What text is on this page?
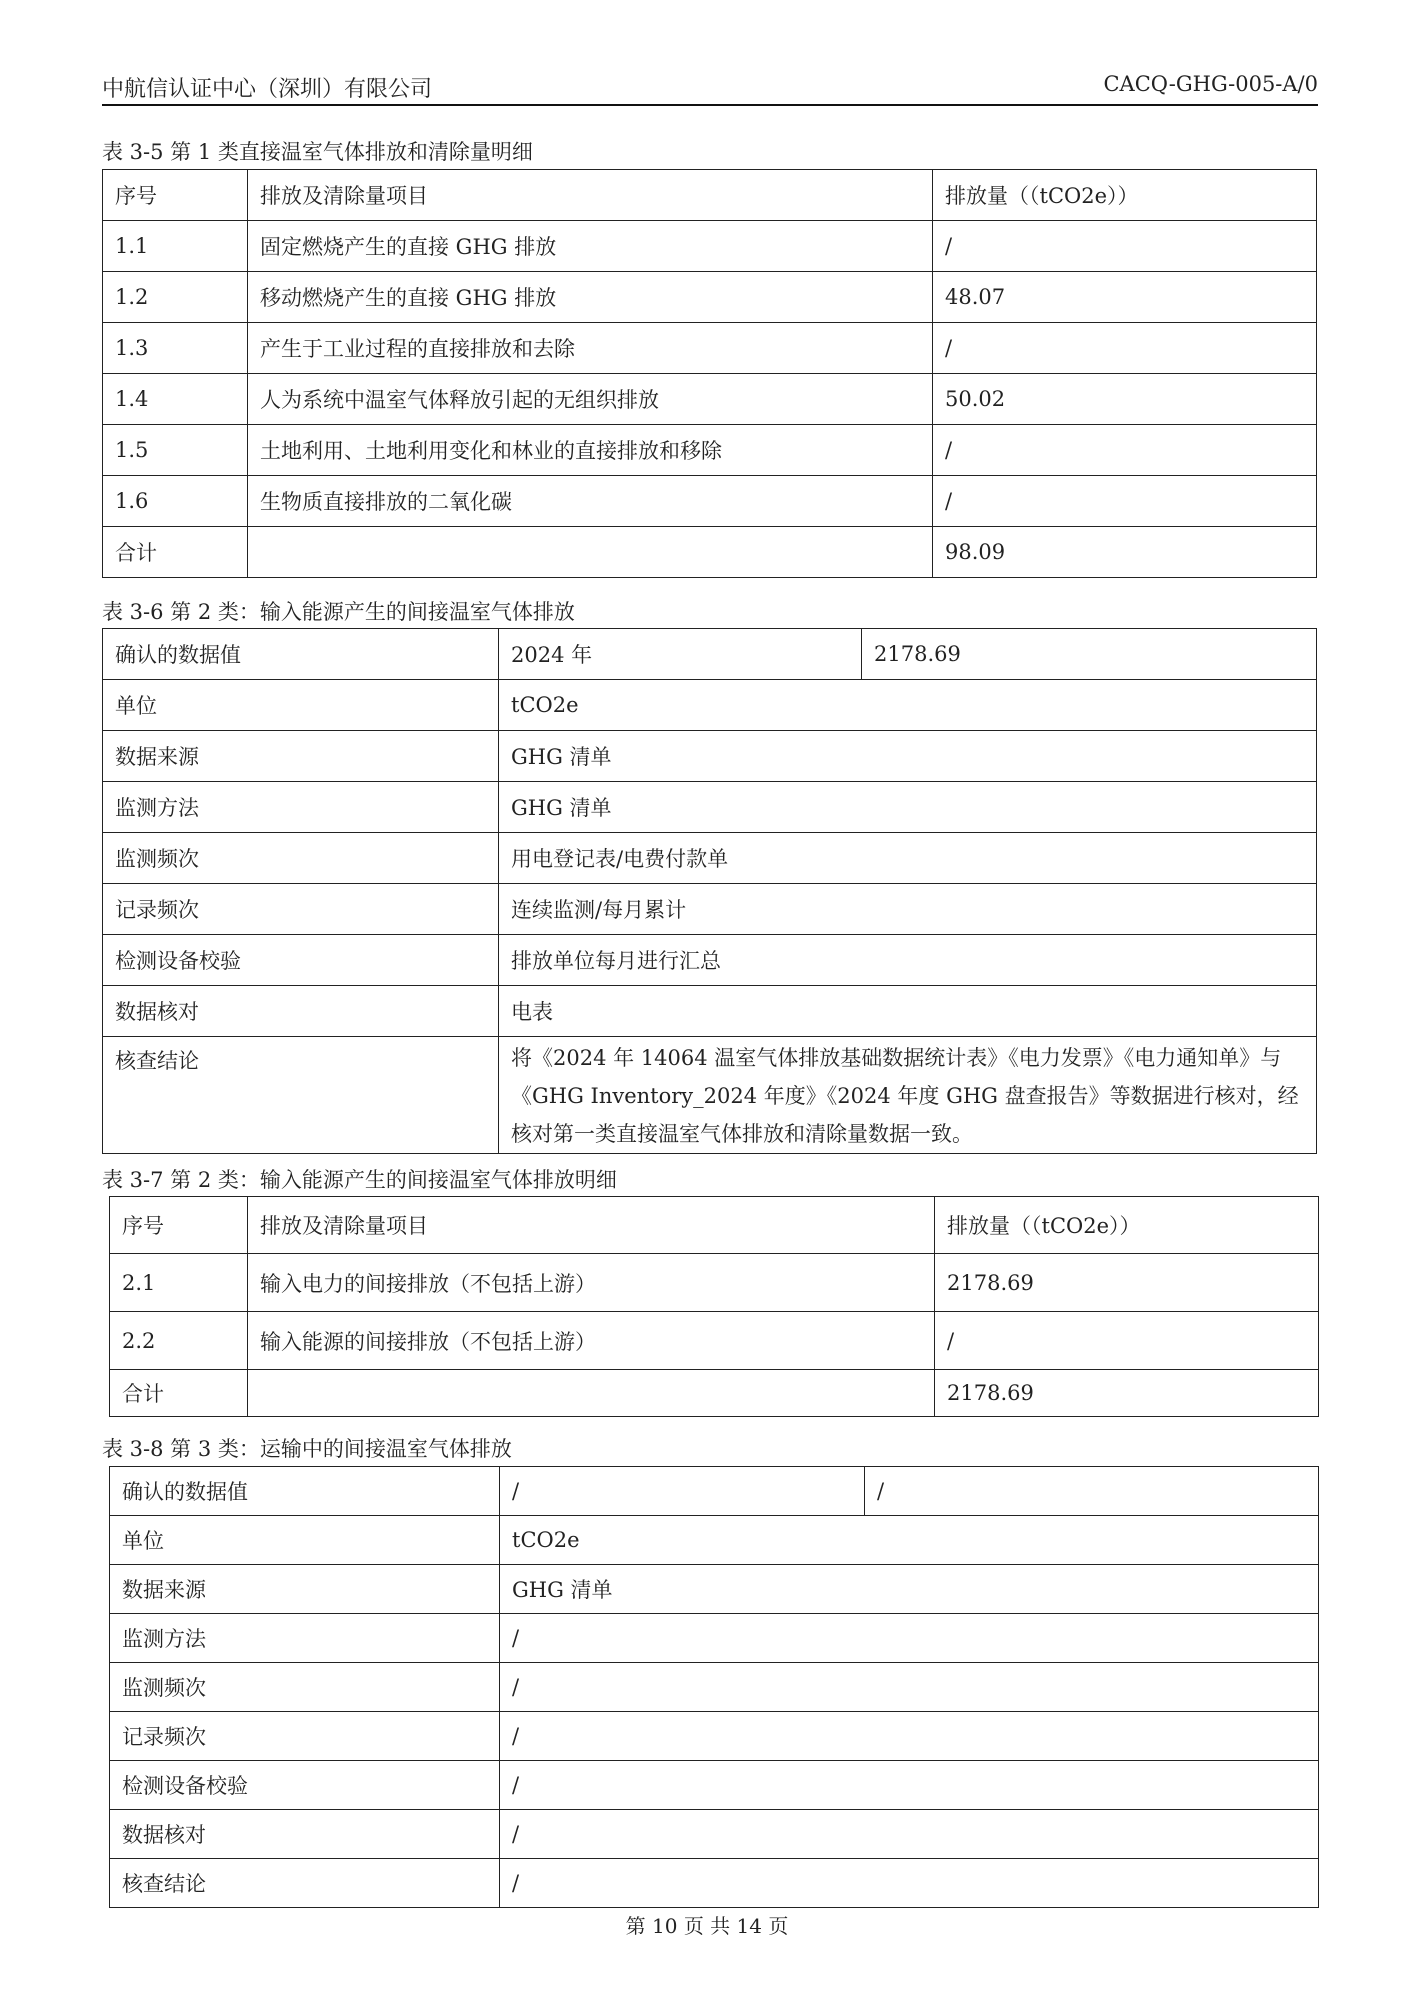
中航信认证中心（深圳）有限公司	CACQ-GHG-005-A/0
表 3-5 第 1 类直接温室气体排放和清除量明细
序号	排放及清除量项目	排放量（（tCO2e））
1.1	固定燃烧产生的直接 GHG 排放	/
1.2	移动燃烧产生的直接 GHG 排放	48.07
1.3	产生于工业过程的直接排放和去除	/
1.4	人为系统中温室气体释放引起的无组织排放	50.02
1.5	土地利用、土地利用变化和林业的直接排放和移除	/
1.6	生物质直接排放的二氧化碳	/
合计		98.09
表 3-6 第 2 类：输入能源产生的间接温室气体排放
确认的数据值	2024 年	2178.69
单位	tCO2e	
数据来源	GHG 清单	
监测方法	GHG 清单	
监测频次	用电登记表/电费付款单	
记录频次	连续监测/每月累计	
检测设备校验	排放单位每月进行汇总	
数据核对	电表	
核查结论	将《2024 年 14064 温室气体排放基础数据统计表》《电力发票》《电力通知单》与《GHG Inventory_2024 年度》《2024 年度 GHG 盘查报告》等数据进行核对，经核对第一类直接温室气体排放和清除量数据一致。	
表 3-7 第 2 类：输入能源产生的间接温室气体排放明细
序号	排放及清除量项目	排放量（（tCO2e））
2.1	输入电力的间接排放（不包括上游）	2178.69
2.2	输入能源的间接排放（不包括上游）	/
合计		2178.69
表 3-8 第 3 类：运输中的间接温室气体排放
确认的数据值	/	/
单位	tCO2e	
数据来源	GHG 清单	
监测方法	/	
监测频次	/	
记录频次	/	
检测设备校验	/	
数据核对	/	
核查结论	/	
第 10 页 共 14 页
